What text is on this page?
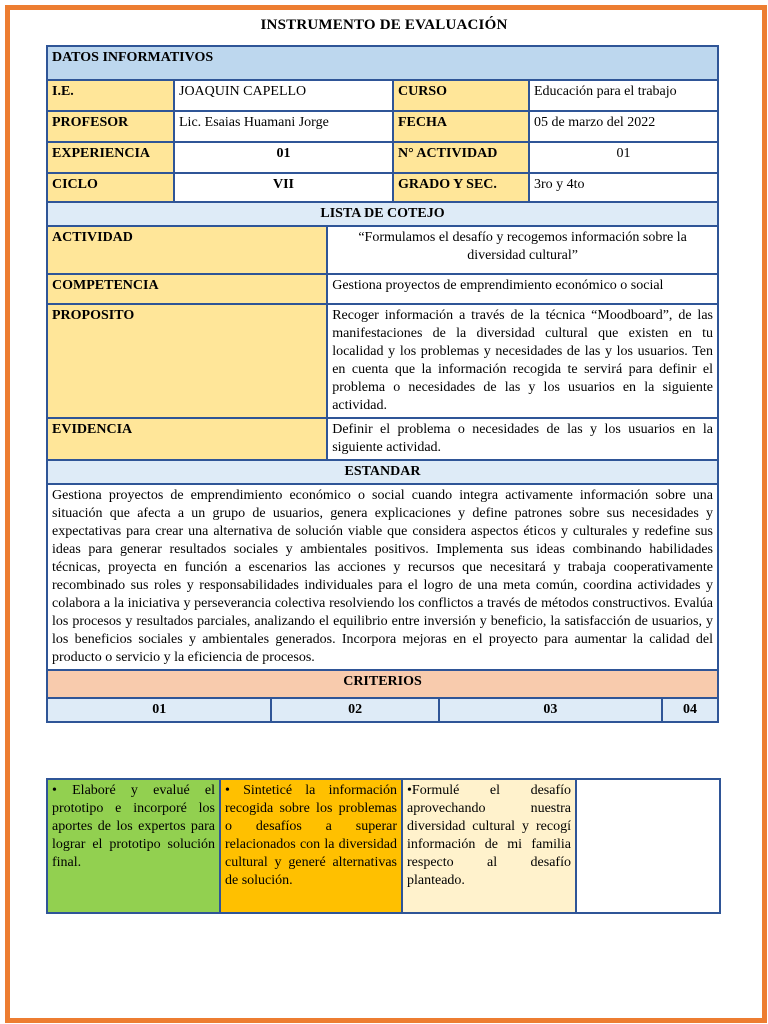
INSTRUMENTO DE EVALUACIÓN
DATOS INFORMATIVOS			
I.E.	JOAQUIN CAPELLO	CURSO	Educación para el trabajo
PROFESOR	Lic. Esaias Huamani Jorge	FECHA	05 de marzo del 2022
EXPERIENCIA	01	N° ACTIVIDAD	01
CICLO	VII	GRADO Y SEC.	3ro y 4to
LISTA DE COTEJO				
ACTIVIDAD		“Formulamos el desafío y recogemos información sobre la diversidad cultural”		
COMPETENCIA		Gestiona proyectos de emprendimiento económico o social		
PROPOSITO		Recoger información a través de la técnica “Moodboard”, de las manifestaciones de la diversidad cultural que existen en tu localidad y los problemas y necesidades de las y los usuarios. Ten en cuenta que la información recogida te servirá para definir el problema o necesidades de las y los usuarios en la siguiente actividad.		
EVIDENCIA		Definir el problema o necesidades de las y los usuarios en la siguiente actividad.		
ESTANDAR				
Gestiona proyectos de emprendimiento económico o social cuando integra activamente información sobre una situación que afecta a un grupo de usuarios, genera explicaciones y define patrones sobre sus necesidades y expectativas para crear una alternativa de solución viable que considera aspectos éticos y culturales y redefine sus ideas para generar resultados sociales y ambientales positivos. Implementa sus ideas combinando habilidades técnicas, proyecta en función a escenarios las acciones y recursos que necesitará y trabaja cooperativamente recombinado sus roles y responsabilidades individuales para el logro de una meta común, coordina actividades y colabora a la iniciativa y perseverancia colectiva resolviendo los conflictos a través de métodos constructivos. Evalúa los procesos y resultados parciales, analizando el equilibrio entre inversión y beneficio, la satisfacción de usuarios, y los beneficios sociales y ambientales generados. Incorpora mejoras en el proyecto para aumentar la calidad del producto o servicio y la eficiencia de procesos.				
CRITERIOS				
01	02		03	04
• Elaboré y evalué el prototipo e incorporé los aportes de los expertos para lograr el prototipo solución final.	• Sinteticé la información recogida sobre los problemas o desafíos a superar relacionados con la diversidad cultural y generé alternativas de solución.	•Formulé el desafío aprovechando nuestra diversidad cultural y recogí información de mi familia respecto al desafío planteado.	
